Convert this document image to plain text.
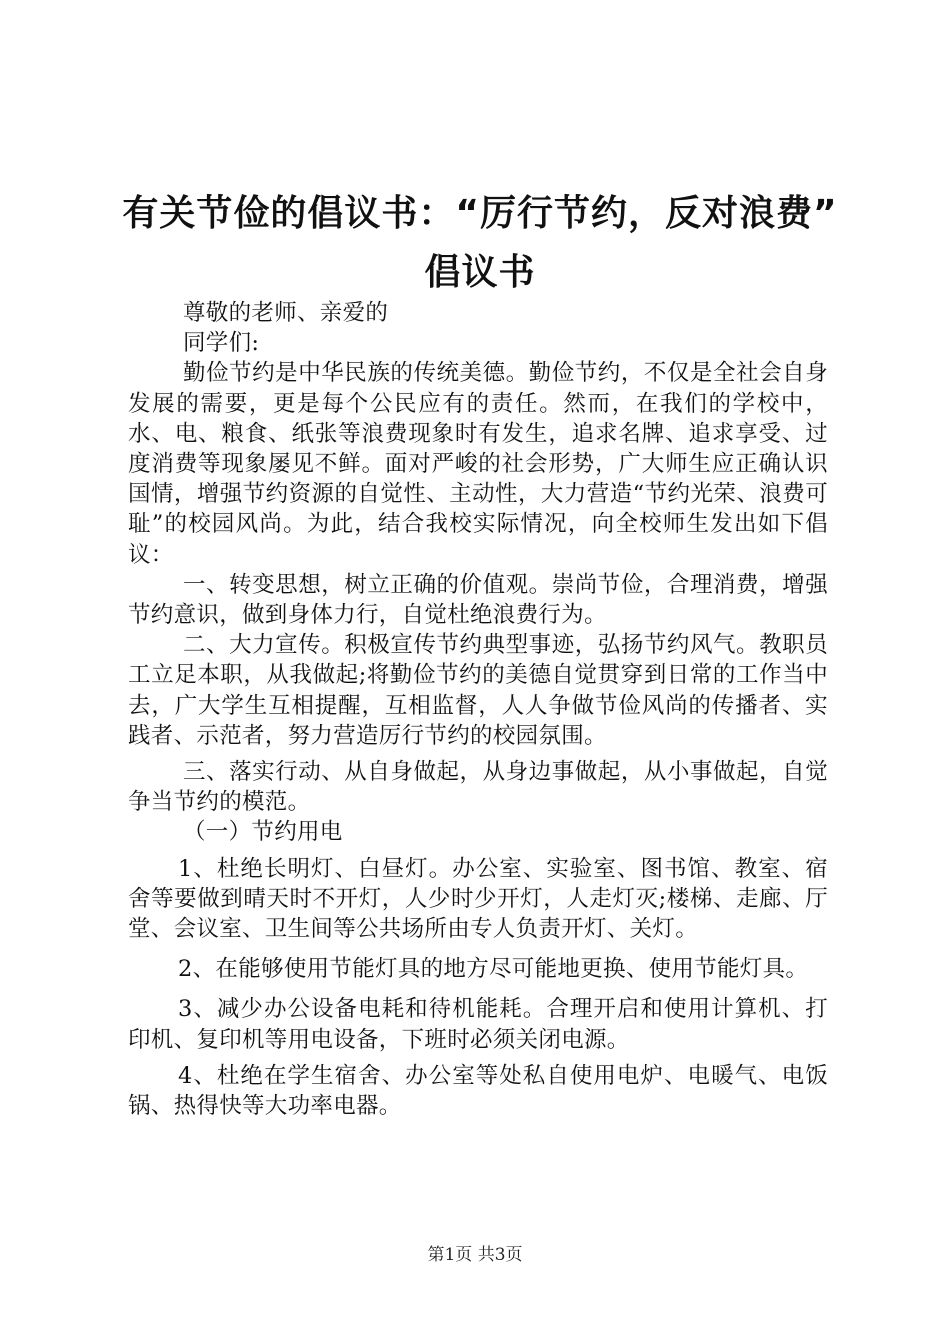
有关节俭的倡议书：“厉行节约，反对浪费”
倡议书

尊敬的老师、亲爱的

同学们:

勤俭节约是中华民族的传统美德。勤俭节约，不仅是全社会自身发展的需要，更是每个公民应有的责任。然而，在我们的学校中，水、电、粮食、纸张等浪费现象时有发生，追求名牌、追求享受、过度消费等现象屡见不鲜。面对严峻的社会形势，广大师生应正确认识国情，增强节约资源的自觉性、主动性，大力营造“节约光荣、浪费可耻”的校园风尚。为此，结合我校实际情况，向全校师生发出如下倡议：

一、转变思想，树立正确的价值观。崇尚节俭，合理消费，增强节约意识，做到身体力行，自觉杜绝浪费行为。

二、大力宣传。积极宣传节约典型事迹，弘扬节约风气。教职员工立足本职，从我做起;将勤俭节约的美德自觉贯穿到日常的工作当中去，广大学生互相提醒，互相监督，人人争做节俭风尚的传播者、实践者、示范者，努力营造厉行节约的校园氛围。

三、落实行动、从自身做起，从身边事做起，从小事做起，自觉争当节约的模范。

（一）节约用电

1、杜绝长明灯、白昼灯。办公室、实验室、图书馆、教室、宿舍等要做到晴天时不开灯，人少时少开灯，人走灯灭;楼梯、走廊、厅堂、会议室、卫生间等公共场所由专人负责开灯、关灯。

2、在能够使用节能灯具的地方尽可能地更换、使用节能灯具。

3、减少办公设备电耗和待机能耗。合理开启和使用计算机、打印机、复印机等用电设备，下班时必须关闭电源。

4、杜绝在学生宿舍、办公室等处私自使用电炉、电暖气、电饭锅、热得快等大功率电器。

第1页 共3页
